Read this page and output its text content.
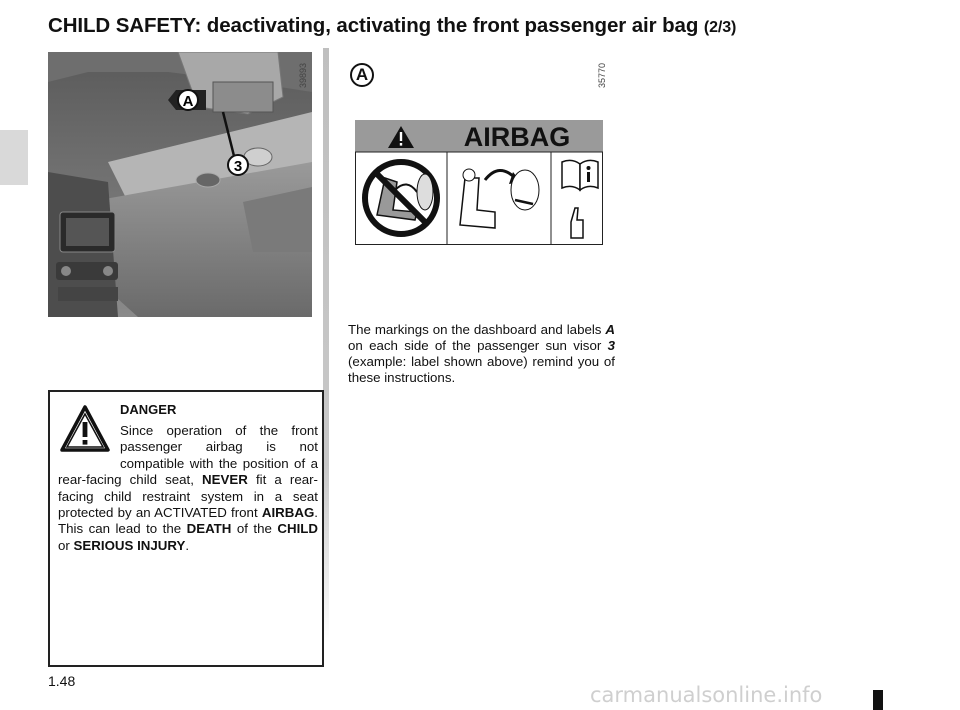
CHILD SAFETY: deactivating, activating the front passenger air bag (2/3)
3
A
39893	A	35770
AIRBAG

The markings on the dashboard and labels A on each side of the passenger sun visor 3 (example: label shown above) remind you of these instructions.

DANGER

Since operation of the front passenger airbag is not compatible with the position of a rear-facing child seat, NEVER fit a rear-facing child restraint system in a seat protected by an ACTIVATED front AIRBAG. This can lead to the DEATH of the CHILD or SERIOUS INJURY.

1.48
carmanualsonline.info
